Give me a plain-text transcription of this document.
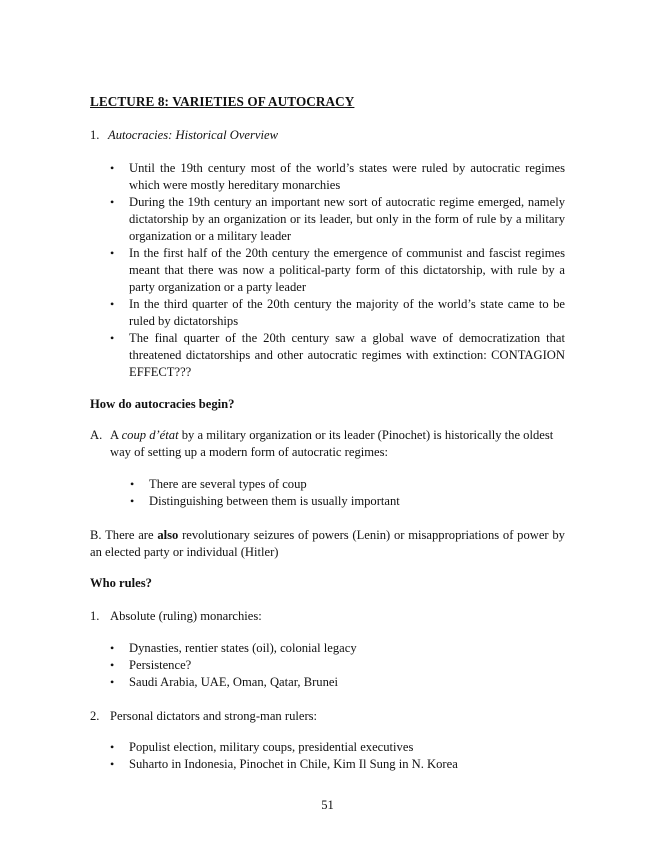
LECTURE 8: VARIETIES OF AUTOCRACY
1. Autocracies: Historical Overview
• Until the 19th century most of the world’s states were ruled by autocratic regimes which were mostly hereditary monarchies
• During the 19th century an important new sort of autocratic regime emerged, namely dictatorship by an organization or its leader, but only in the form of rule by a military organization or a military leader
• In the first half of the 20th century the emergence of communist and fascist regimes meant that there was now a political-party form of this dictatorship, with rule by a party organization or a party leader
• In the third quarter of the 20th century the majority of the world’s state came to be ruled by dictatorships
• The final quarter of the 20th century saw a global wave of democratization that threatened dictatorships and other autocratic regimes with extinction: CONTAGION EFFECT???
How do autocracies begin?
A. A coup d’état by a military organization or its leader (Pinochet) is historically the oldest
way of setting up a modern form of autocratic regimes:
• There are several types of coup
• Distinguishing between them is usually important
B. There are also revolutionary seizures of powers (Lenin) or misappropriations of power by an elected party or individual (Hitler)
Who rules?
1. Absolute (ruling) monarchies:
• Dynasties, rentier states (oil), colonial legacy
• Persistence?
• Saudi Arabia, UAE, Oman, Qatar, Brunei
2. Personal dictators and strong-man rulers:
• Populist election, military coups, presidential executives
• Suharto in Indonesia, Pinochet in Chile, Kim Il Sung in N. Korea
51
